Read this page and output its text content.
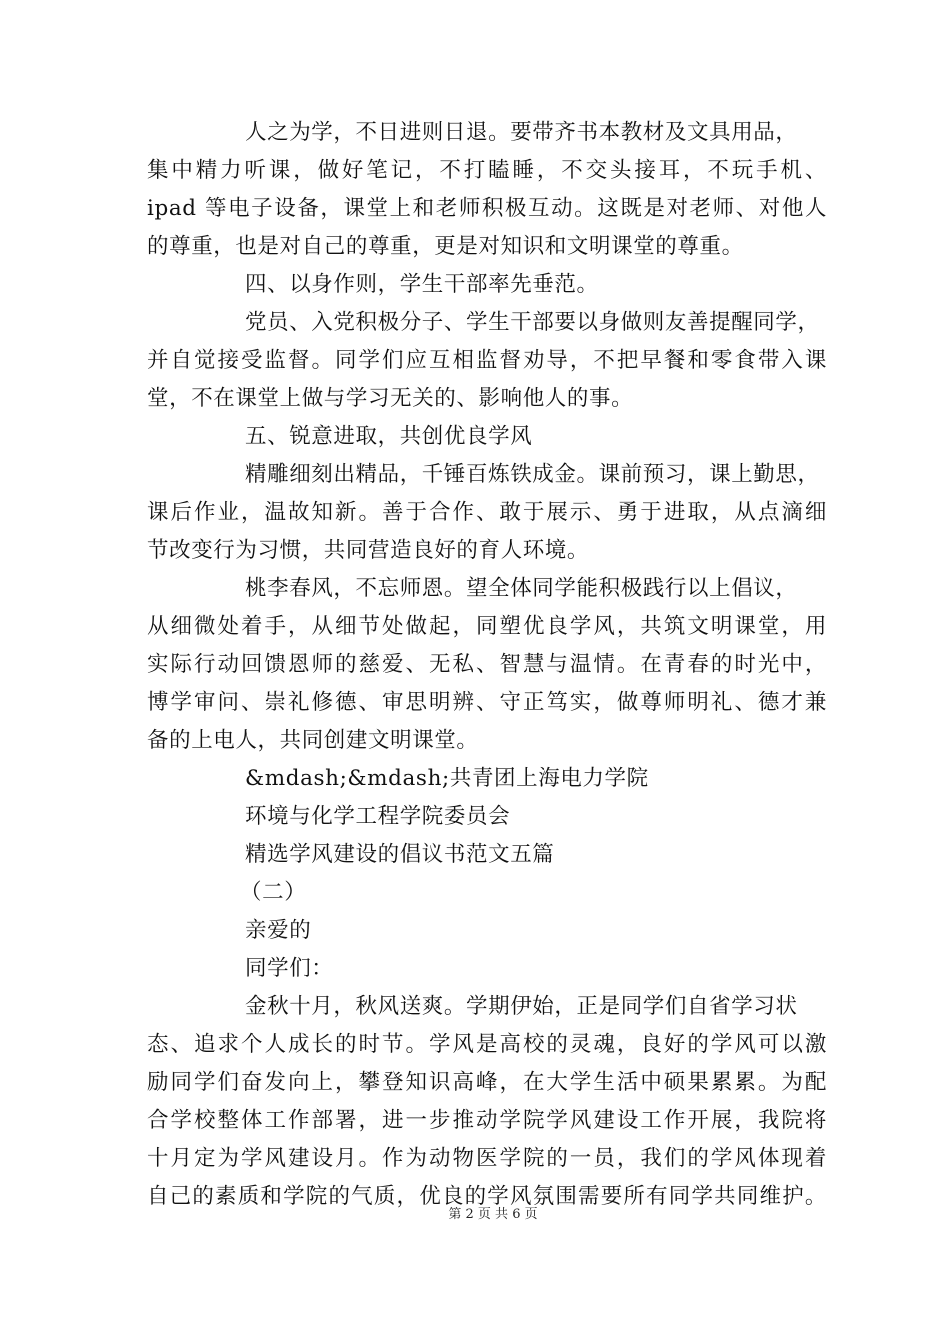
人之为学，不日进则日退。要带齐书本教材及文具用品，
集中精力听课，做好笔记，不打瞌睡，不交头接耳，不玩手机、
ipad 等电子设备，课堂上和老师积极互动。这既是对老师、对他人
的尊重，也是对自己的尊重，更是对知识和文明课堂的尊重。
四、以身作则，学生干部率先垂范。
党员、入党积极分子、学生干部要以身做则友善提醒同学，
并自觉接受监督。同学们应互相监督劝导，不把早餐和零食带入课
堂，不在课堂上做与学习无关的、影响他人的事。
五、锐意进取，共创优良学风
精雕细刻出精品，千锤百炼铁成金。课前预习，课上勤思，
课后作业，温故知新。善于合作、敢于展示、勇于进取，从点滴细
节改变行为习惯，共同营造良好的育人环境。
桃李春风，不忘师恩。望全体同学能积极践行以上倡议，
从细微处着手，从细节处做起，同塑优良学风，共筑文明课堂，用
实际行动回馈恩师的慈爱、无私、智慧与温情。在青春的时光中，
博学审问、崇礼修德、审思明辨、守正笃实，做尊师明礼、德才兼
备的上电人，共同创建文明课堂。
&mdash;&mdash;共青团上海电力学院
环境与化学工程学院委员会
精选学风建设的倡议书范文五篇
（二）
亲爱的
同学们：
金秋十月，秋风送爽。学期伊始，正是同学们自省学习状
态、追求个人成长的时节。学风是高校的灵魂，良好的学风可以激
励同学们奋发向上，攀登知识高峰，在大学生活中硕果累累。为配
合学校整体工作部署，进一步推动学院学风建设工作开展，我院将
十月定为学风建设月。作为动物医学院的一员，我们的学风体现着
自己的素质和学院的气质，优良的学风氛围需要所有同学共同维护。
第 2 页 共 6 页
